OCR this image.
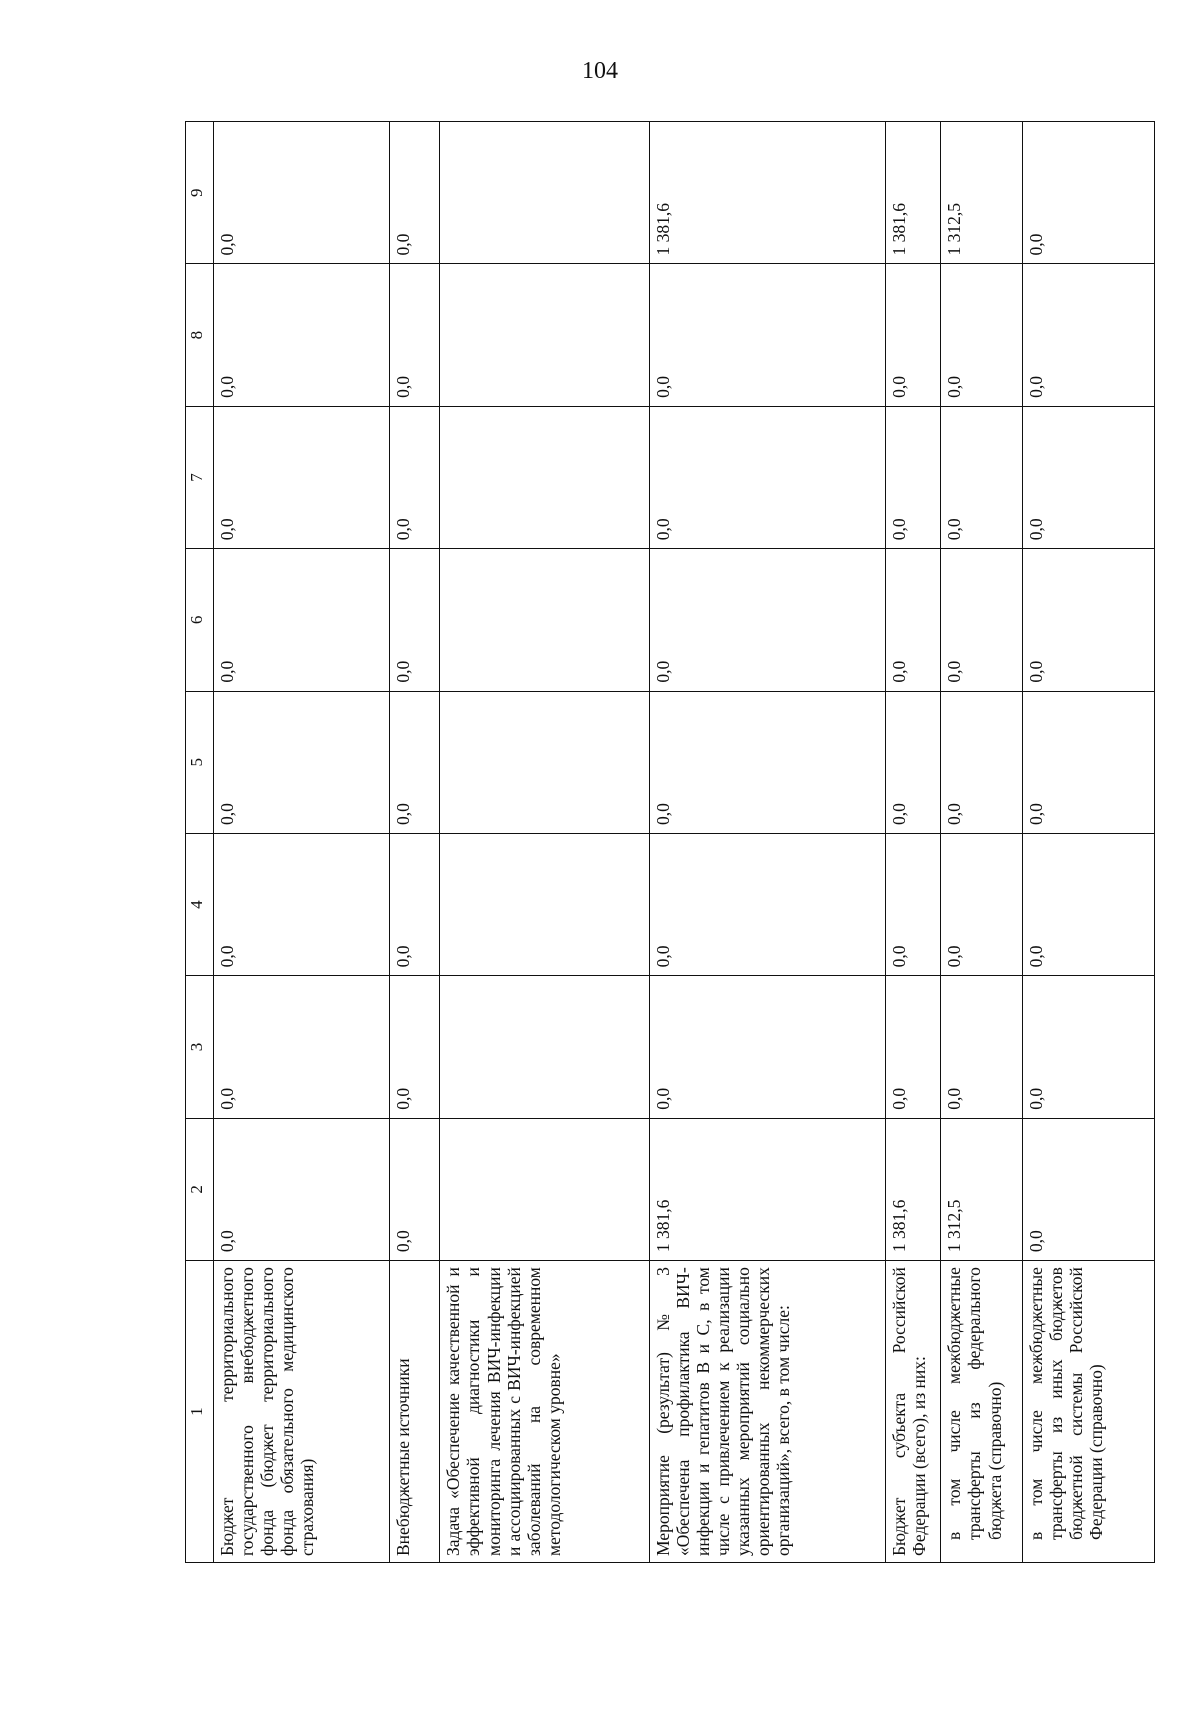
104
1	2	3	4	5	6	7	8	9
Бюджет территориального государственного внебюджетного фонда (бюджет территориального фонда обязательного медицинского страхования)	0,0	0,0	0,0	0,0	0,0	0,0	0,0	0,0
Внебюджетные источники	0,0	0,0	0,0	0,0	0,0	0,0	0,0	0,0
Задача «Обеспечение качественной и эффективной диагностики и мониторинга лечения ВИЧ-инфекции и ассоциированных с ВИЧ-инфекцией заболеваний на современном методологическом уровне»								
Мероприятие (результат) № 3 «Обеспечена профилактика ВИЧ-инфекции и гепатитов В и С, в том числе с привлечением к реализации указанных мероприятий социально ориентированных некоммерческих организаций», всего, в том числе:	1 381,6	0,0	0,0	0,0	0,0	0,0	0,0	1 381,6
Бюджет субъекта Российской Федерации (всего), из них:	1 381,6	0,0	0,0	0,0	0,0	0,0	0,0	1 381,6
в том числе межбюджетные трансферты из федерального бюджета (справочно)	1 312,5	0,0	0,0	0,0	0,0	0,0	0,0	1 312,5
в том числе межбюджетные трансферты из иных бюджетов бюджетной системы Российской Федерации (справочно)	0,0	0,0	0,0	0,0	0,0	0,0	0,0	0,0
